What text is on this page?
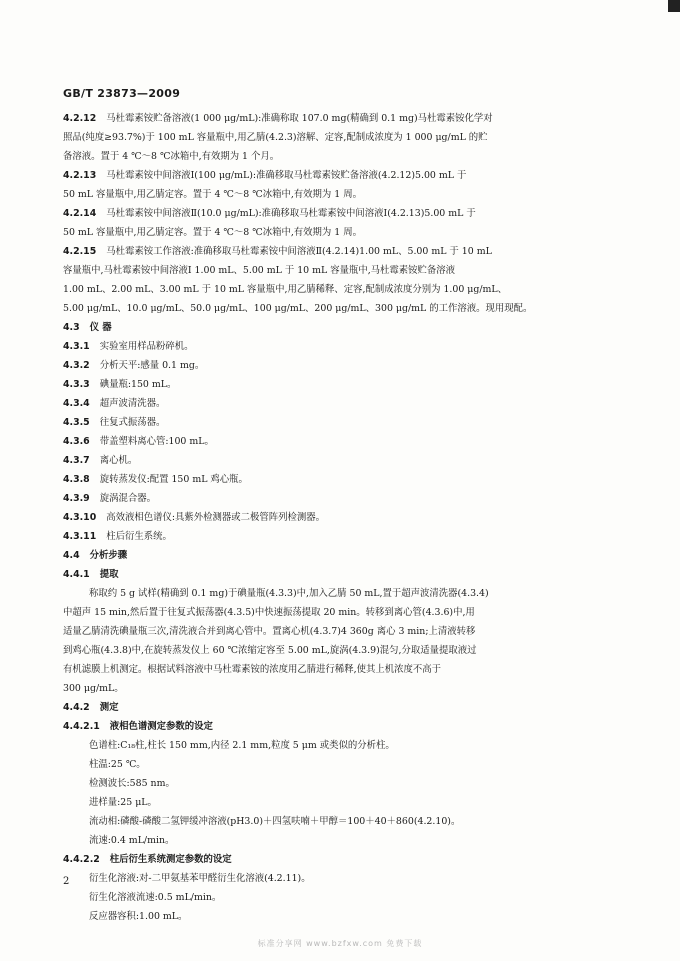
GB/T 23873—2009

4.2.12 马杜霉素铵贮备溶液(1 000 μg/mL):准确称取 107.0 mg(精确到 0.1 mg)马杜霉素铵化学对

照品(纯度≥93.7%)于 100 mL 容量瓶中,用乙腈(4.2.3)溶解、定容,配制成浓度为 1 000 μg/mL 的贮

备溶液。置于 4 ℃～8 ℃冰箱中,有效期为 1 个月。

4.2.13 马杜霉素铵中间溶液Ⅰ(100 μg/mL):准确移取马杜霉素铵贮备溶液(4.2.12)5.00 mL 于

50 mL 容量瓶中,用乙腈定容。置于 4 ℃～8 ℃冰箱中,有效期为 1 周。

4.2.14 马杜霉素铵中间溶液Ⅱ(10.0 μg/mL):准确移取马杜霉素铵中间溶液Ⅰ(4.2.13)5.00 mL 于

50 mL 容量瓶中,用乙腈定容。置于 4 ℃～8 ℃冰箱中,有效期为 1 周。

4.2.15 马杜霉素铵工作溶液:准确移取马杜霉素铵中间溶液Ⅱ(4.2.14)1.00 mL、5.00 mL 于 10 mL

容量瓶中,马杜霉素铵中间溶液Ⅰ 1.00 mL、5.00 mL 于 10 mL 容量瓶中,马杜霉素铵贮备溶液

1.00 mL、2.00 mL、3.00 mL 于 10 mL 容量瓶中,用乙腈稀释、定容,配制成浓度分别为 1.00 μg/mL、

5.00 μg/mL、10.0 μg/mL、50.0 μg/mL、100 μg/mL、200 μg/mL、300 μg/mL 的工作溶液。现用现配。

4.3 仪 器

4.3.1 实验室用样品粉碎机。

4.3.2 分析天平:感量 0.1 mg。

4.3.3 碘量瓶:150 mL。

4.3.4 超声波清洗器。

4.3.5 往复式振荡器。

4.3.6 带盖塑料离心管:100 mL。

4.3.7 离心机。

4.3.8 旋转蒸发仪:配置 150 mL 鸡心瓶。

4.3.9 旋涡混合器。

4.3.10 高效液相色谱仪:具紫外检测器或二极管阵列检测器。

4.3.11 柱后衍生系统。

4.4 分析步骤

4.4.1 提取

称取约 5 g 试样(精确到 0.1 mg)于碘量瓶(4.3.3)中,加入乙腈 50 mL,置于超声波清洗器(4.3.4)

中超声 15 min,然后置于往复式振荡器(4.3.5)中快速振荡提取 20 min。转移到离心管(4.3.6)中,用

适量乙腈清洗碘量瓶三次,清洗液合并到离心管中。置离心机(4.3.7)4 360g 离心 3 min;上清液转移

到鸡心瓶(4.3.8)中,在旋转蒸发仪上 60 ℃浓缩定容至 5.00 mL,旋涡(4.3.9)混匀,分取适量提取液过

有机滤膜上机测定。根据试料溶液中马杜霉素铵的浓度用乙腈进行稀释,使其上机浓度不高于

300 μg/mL。

4.4.2 测定

4.4.2.1 液相色谱测定参数的设定

色谱柱:C₁₈柱,柱长 150 mm,内径 2.1 mm,粒度 5 μm 或类似的分析柱。

柱温:25 ℃。

检测波长:585 nm。

进样量:25 μL。

流动相:磷酸-磷酸二氢钾缓冲溶液(pH3.0)＋四氢呋喃＋甲醇＝100＋40＋860(4.2.10)。

流速:0.4 mL/min。

4.4.2.2 柱后衍生系统测定参数的设定

衍生化溶液:对-二甲氨基苯甲醛衍生化溶液(4.2.11)。

衍生化溶液流速:0.5 mL/min。

反应器容积:1.00 mL。

2
标准分享网 www.bzfxw.com 免费下载
